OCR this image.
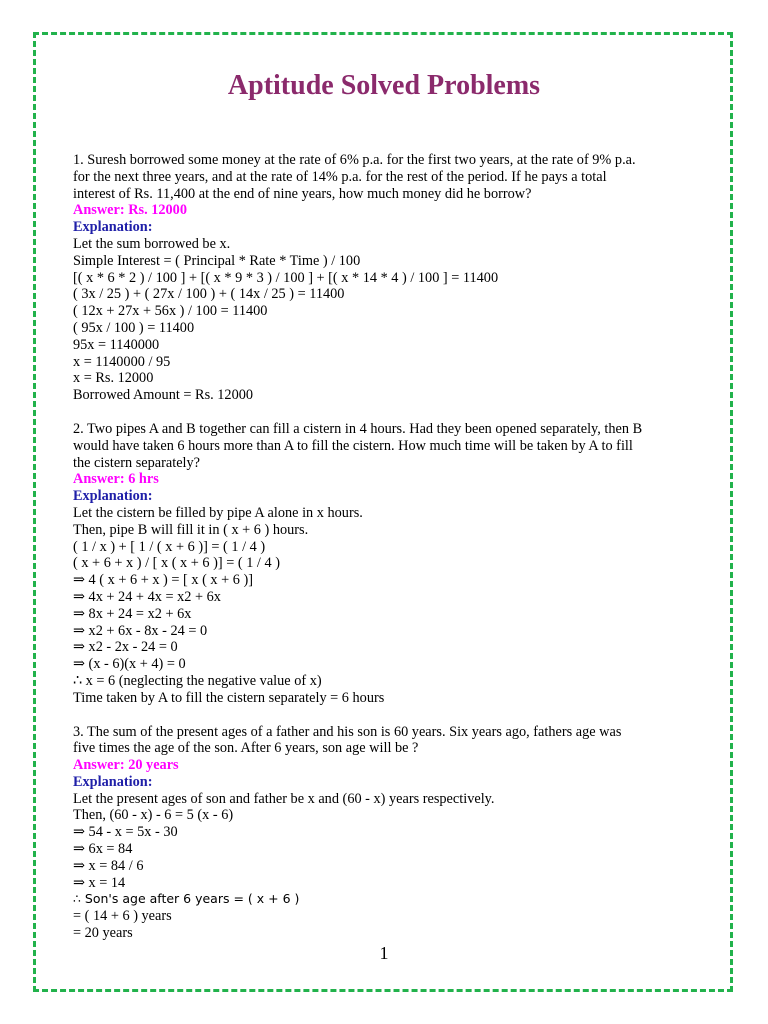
Aptitude Solved Problems

1. Suresh borrowed some money at the rate of 6% p.a. for the first two years, at the rate of 9% p.a.

for the next three years, and at the rate of 14% p.a. for the rest of the period. If he pays a total

interest of Rs. 11,400 at the end of nine years, how much money did he borrow?

Answer: Rs. 12000

Explanation:

Let the sum borrowed be x.

Simple Interest = ( Principal * Rate * Time ) / 100

[( x * 6 * 2 ) / 100 ] + [( x * 9 * 3 ) / 100 ] + [( x * 14 * 4 ) / 100 ] = 11400

( 3x / 25 ) + ( 27x / 100 ) + ( 14x / 25 ) = 11400

( 12x + 27x + 56x ) / 100 = 11400

( 95x / 100 ) = 11400

95x = 1140000

x = 1140000 / 95

x = Rs. 12000

Borrowed Amount = Rs. 12000

2. Two pipes A and B together can fill a cistern in 4 hours. Had they been opened separately, then B

would have taken 6 hours more than A to fill the cistern. How much time will be taken by A to fill

the cistern separately?

Answer: 6 hrs

Explanation:

Let the cistern be filled by pipe A alone in x hours.

Then, pipe B will fill it in ( x + 6 ) hours.

( 1 / x ) + [ 1 / ( x + 6 )] = ( 1 / 4 )

( x + 6 + x ) / [ x ( x + 6 )] = ( 1 / 4 )

⇒ 4 ( x + 6 + x ) = [ x ( x + 6 )]

⇒ 4x + 24 + 4x = x2 + 6x

⇒ 8x + 24 = x2 + 6x

⇒ x2 + 6x - 8x - 24 = 0

⇒ x2 - 2x - 24 = 0

⇒ (x - 6)(x + 4) = 0

∴ x = 6 (neglecting the negative value of x)

Time taken by A to fill the cistern separately = 6 hours

3. The sum of the present ages of a father and his son is 60 years. Six years ago, fathers age was

five times the age of the son. After 6 years, son age will be ?

Answer: 20 years

Explanation:

Let the present ages of son and father be x and (60 - x) years respectively.

Then, (60 - x) - 6 = 5 (x - 6)

⇒ 54 - x = 5x - 30

⇒ 6x = 84

⇒ x = 84 / 6

⇒ x = 14

∴ Son's age after 6 years = ( x + 6 )

= ( 14 + 6 ) years

= 20 years

1
